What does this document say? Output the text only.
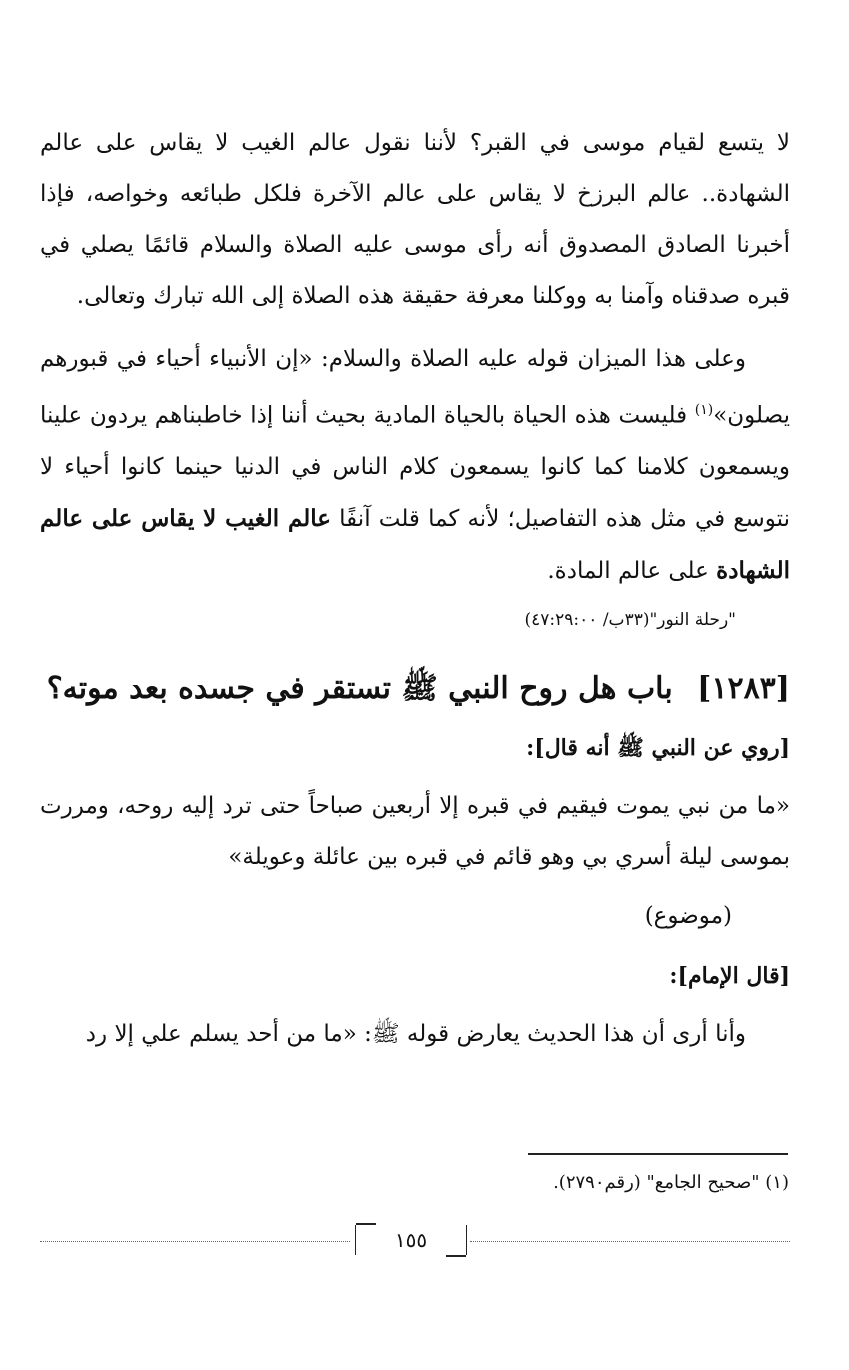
لا يتسع لقيام موسى في القبر؟ لأننا نقول عالم الغيب لا يقاس على عالم الشهادة.. عالم البرزخ لا يقاس على عالم الآخرة فلكل طبائعه وخواصه، فإذا أخبرنا الصادق المصدوق أنه رأى موسى عليه الصلاة والسلام قائمًا يصلي في قبره صدقناه وآمنا به ووكلنا معرفة حقيقة هذه الصلاة إلى الله تبارك وتعالى.

وعلى هذا الميزان قوله عليه الصلاة والسلام: «إن الأنبياء أحياء في قبورهم يصلون»$^{(١)}$ فليست هذه الحياة بالحياة المادية بحيث أننا إذا خاطبناهم يردون علينا ويسمعون كلامنا كما كانوا يسمعون كلام الناس في الدنيا حينما كانوا أحياء لا نتوسع في مثل هذه التفاصيل؛ لأنه كما قلت آنفًا عالم الغيب لا يقاس على عالم الشهادة على عالم المادة.

"رحلة النور"(٣٣ب/ ٤٧:٢٩:٠٠)
[١٢٨٣] باب هل روح النبي ﷺ تستقر في جسده بعد موته؟

[روي عن النبي ﷺ أنه قال]:

«ما من نبي يموت فيقيم في قبره إلا أربعين صباحاً حتى ترد إليه روحه، ومررت بموسى ليلة أسري بي وهو قائم في قبره بين عائلة وعويلة»

(موضوع)

[قال الإمام]:

وأنا أرى أن هذا الحديث يعارض قوله ﷺ: «ما من أحد يسلم علي إلا رد

(١) "صحيح الجامع" (رقم٢٧٩٠).
١٥٥
